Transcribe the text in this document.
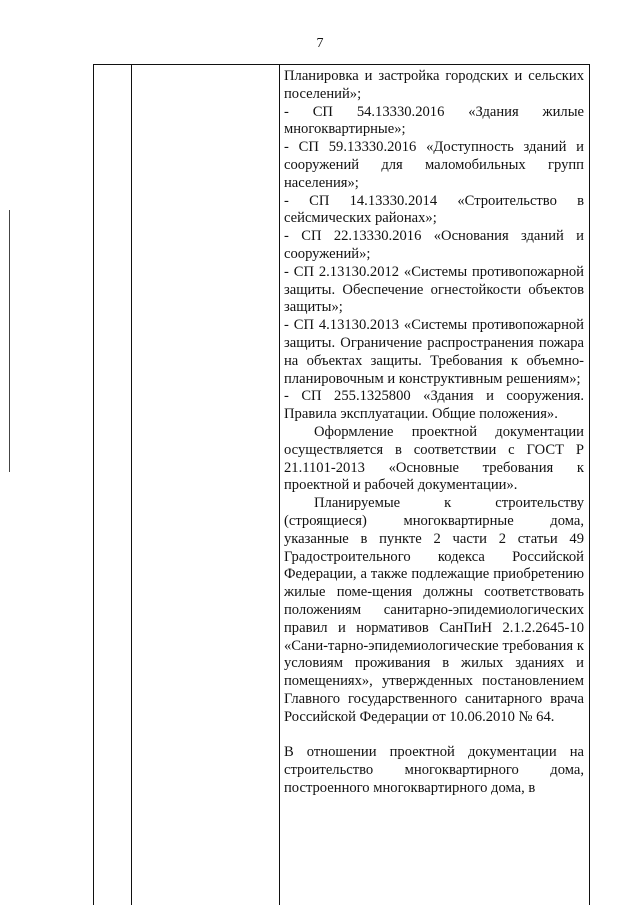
7

Планировка и застройка городских и сельских поселений»;

- СП 54.13330.2016 «Здания жилые многоквартирные»;

- СП 59.13330.2016 «Доступность зданий и сооружений для маломобильных групп населения»;

- СП 14.13330.2014 «Строительство в сейсмических районах»;

- СП 22.13330.2016 «Основания зданий и сооружений»;

- СП 2.13130.2012 «Системы противопожарной защиты. Обеспечение огнестойкости объектов защиты»;

- СП 4.13130.2013 «Системы противопожарной защиты. Ограничение распространения пожара на объектах защиты. Требования к объемно-планировочным и конструктивным решениям»;

- СП 255.1325800 «Здания и сооружения. Правила эксплуатации. Общие положения».

Оформление проектной документации осуществляется в соответствии с ГОСТ Р 21.1101-2013 «Основные требования к проектной и рабочей документации».

Планируемые к строительству (строящиеся) многоквартирные дома, указанные в пункте 2 части 2 статьи 49 Градостроительного кодекса Российской Федерации, а также подлежащие приобретению жилые поме-щения должны соответствовать положениям санитарно-эпидемиологических правил и нормативов СанПиН 2.1.2.2645-10 «Сани-тарно-эпидемиологические требования к условиям проживания в жилых зданиях и помещениях», утвержденных постановлением Главного государственного санитарного врача Российской Федерации от 10.06.2010 № 64.

В отношении проектной документации на строительство многоквартирного дома, построенного многоквартирного дома, в
